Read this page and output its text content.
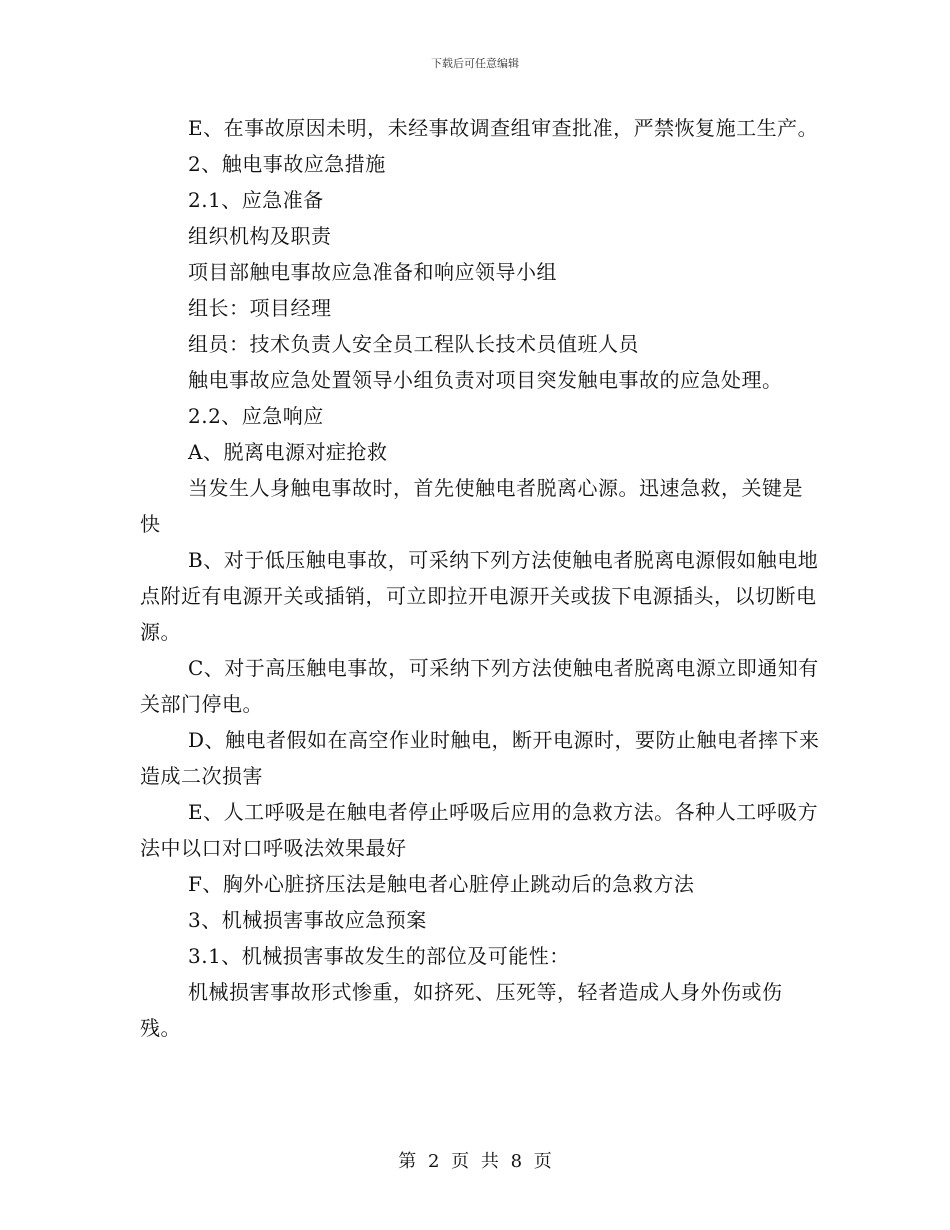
下载后可任意编辑

E、在事故原因未明，未经事故调查组审查批准，严禁恢复施工生产。

2、触电事故应急措施

2.1、应急准备

组织机构及职责

项目部触电事故应急准备和响应领导小组

组长：项目经理

组员：技术负责人安全员工程队长技术员值班人员

触电事故应急处置领导小组负责对项目突发触电事故的应急处理。

2.2、应急响应

A、脱离电源对症抢救

当发生人身触电事故时，首先使触电者脱离心源。迅速急救，关键是快

B、对于低压触电事故，可采纳下列方法使触电者脱离电源假如触电地点附近有电源开关或插销，可立即拉开电源开关或拔下电源插头，以切断电源。

C、对于高压触电事故，可采纳下列方法使触电者脱离电源立即通知有关部门停电。

D、触电者假如在高空作业时触电，断开电源时，要防止触电者摔下来造成二次损害

E、人工呼吸是在触电者停止呼吸后应用的急救方法。各种人工呼吸方法中以口对口呼吸法效果最好

F、胸外心脏挤压法是触电者心脏停止跳动后的急救方法

3、机械损害事故应急预案

3.1、机械损害事故发生的部位及可能性：

机械损害事故形式惨重，如挤死、压死等，轻者造成人身外伤或伤残。

第 2 页 共 8 页
